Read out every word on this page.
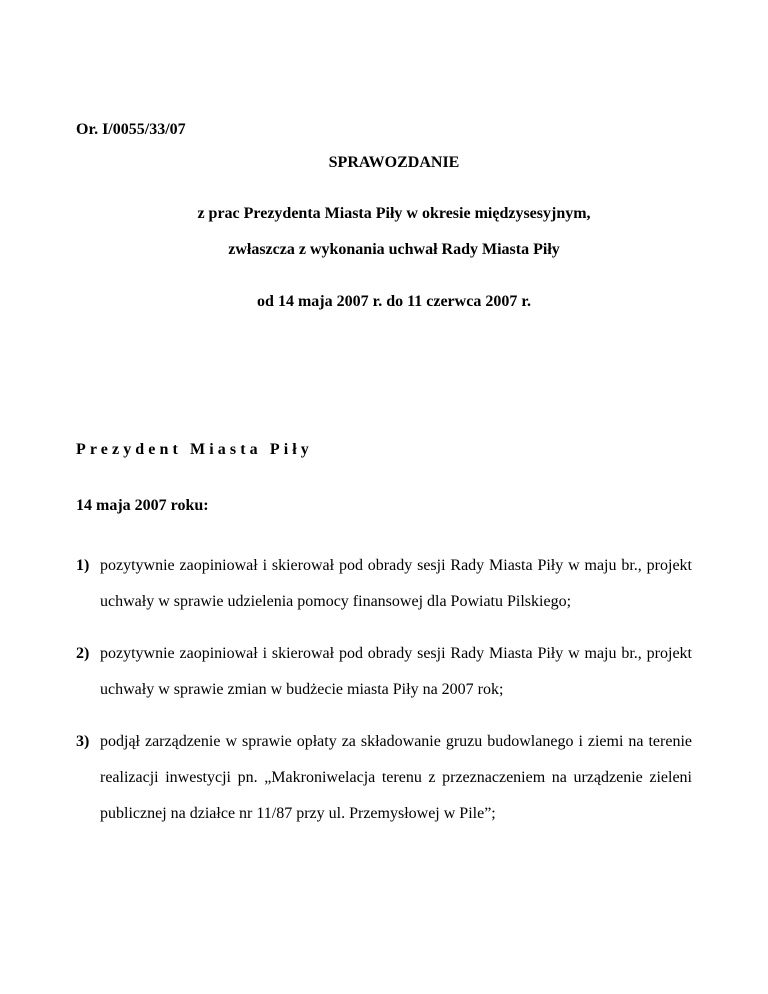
Or. I/0055/33/07
SPRAWOZDANIE
z prac Prezydenta Miasta Piły w okresie międzysesyjnym,
zwłaszcza z wykonania uchwał Rady Miasta Piły
od 14 maja 2007 r. do 11 czerwca 2007 r.
Prezydent Miasta Piły
14 maja 2007 roku:
1) pozytywnie zaopiniował i skierował pod obrady sesji Rady Miasta Piły w maju br., projekt uchwały w sprawie udzielenia pomocy finansowej dla Powiatu Pilskiego;
2) pozytywnie zaopiniował i skierował pod obrady sesji Rady Miasta Piły w maju br., projekt uchwały w sprawie zmian w budżecie miasta Piły na 2007 rok;
3) podjął zarządzenie w sprawie opłaty za składowanie gruzu budowlanego i ziemi na terenie realizacji inwestycji pn. „Makroniwelacja terenu z przeznaczeniem na urządzenie zieleni publicznej na działce nr 11/87 przy ul. Przemysłowej w Pile”;
